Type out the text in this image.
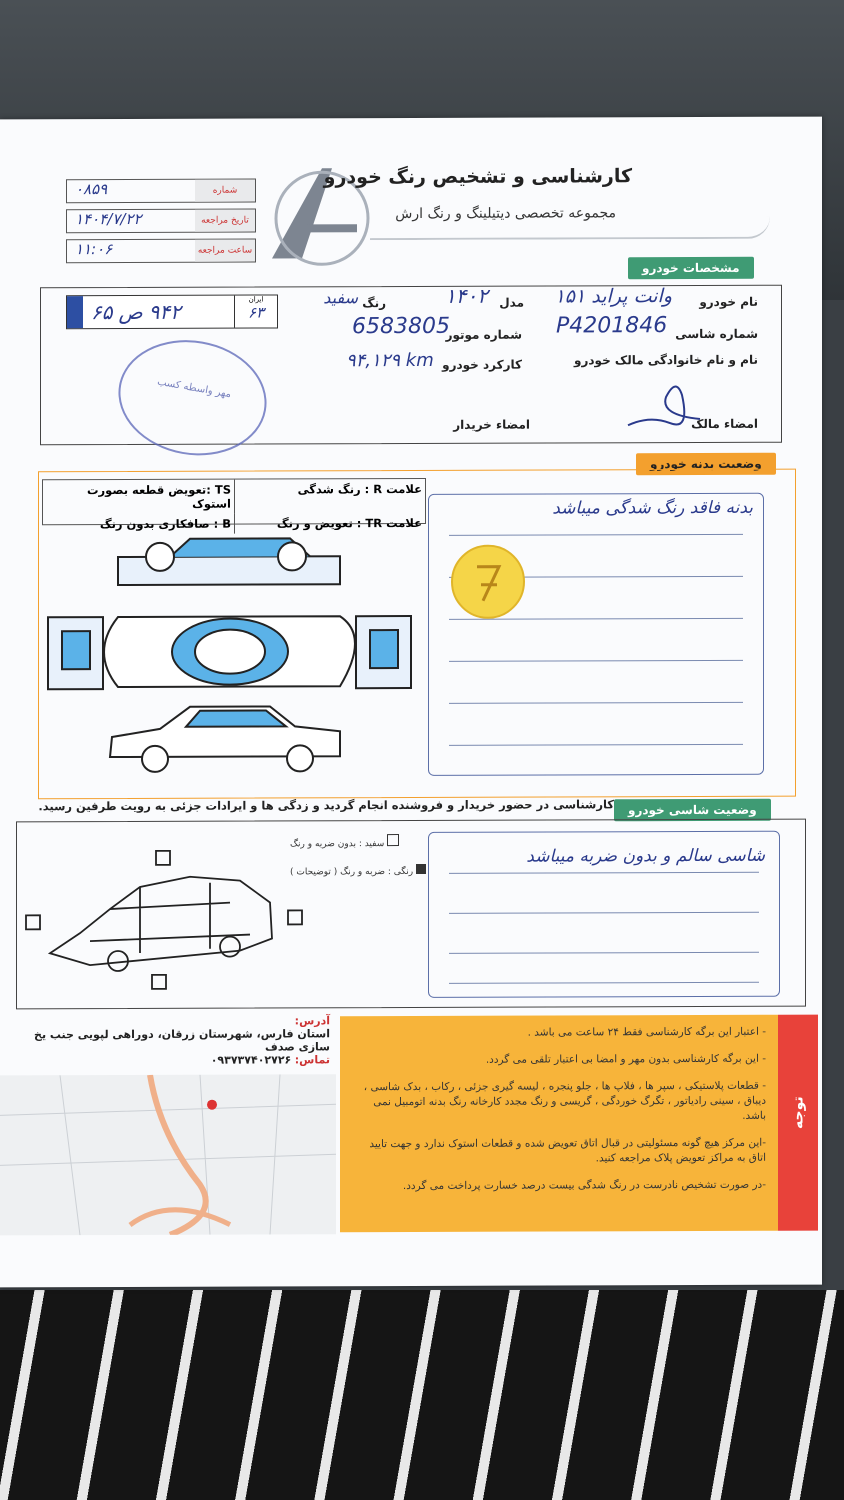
کارشناسی و تشخیص رنگ خودرو
مجموعه تخصصی دیتیلینگ و رنگ ارش
۰۸۵۹	شماره
۱۴۰۴/۷/۲۲	تاریخ مراجعه
۱۱:۰۶	ساعت مراجعه
مشخصات خودرو
۶۵ ص ۹۴۲
ایران
۶۳
نام خودرو
وانت پراید ۱۵۱
مدل
۱۴۰۲
رنگ
سفید
شماره شاسی
P4201846
شماره موتور
6583805
نام و نام خانوادگی مالک خودرو
کارکرد خودرو
۹۴,۱۲۹ km
امضاء مالک
امضاء خریدار
مهر واسطه کسب
وضعیت بدنه خودرو
علامت R : رنگ شدگی
TS :تعویض قطعه بصورت استوک
علامت TR : تعویض و رنگ
B : صافکاری بدون رنگ
بدنه فاقد رنگ شدگی میباشد
کارشناسی در حضور خریدار و فروشنده انجام گردید و زدگی ها و ایرادات جزئی به رویت طرفین رسید.	وضعیت شاسی خودرو
سفید : بدون ضربه و رنگ
رنگی : ضربه و رنگ ( توضیحات )
شاسی سالم و بدون ضربه میباشد
آدرس:
استان فارس، شهرستان زرقان، دوراهی لپویی جنب یخ سازی صدف
تماس: ۰۹۳۷۳۷۴۰۲۷۲۶
- اعتبار این برگه کارشناسی فقط ۲۴ ساعت می باشد .
- این برگه کارشناسی بدون مهر و امضا بی اعتبار تلقی می گردد.
- قطعات پلاستیکی ، سپر ها ، فلاپ ها ، جلو پنجره ، لیسه گیری جزئی ، رکاب ، بدک شاسی ، دیباق ، سینی رادیاتور ، تگرگ خوردگی ، گریسی و رنگ مجدد کارخانه رنگ بدنه اتومبیل نمی باشد.
-این مرکز هیچ گونه مسئولیتی در قبال اتاق تعویض شده و قطعات استوک ندارد و جهت تایید اتاق به مراکز تعویض پلاک مراجعه کنید.
-در صورت تشخیص نادرست در رنگ شدگی بیست درصد خسارت پرداخت می گردد.
توجه
